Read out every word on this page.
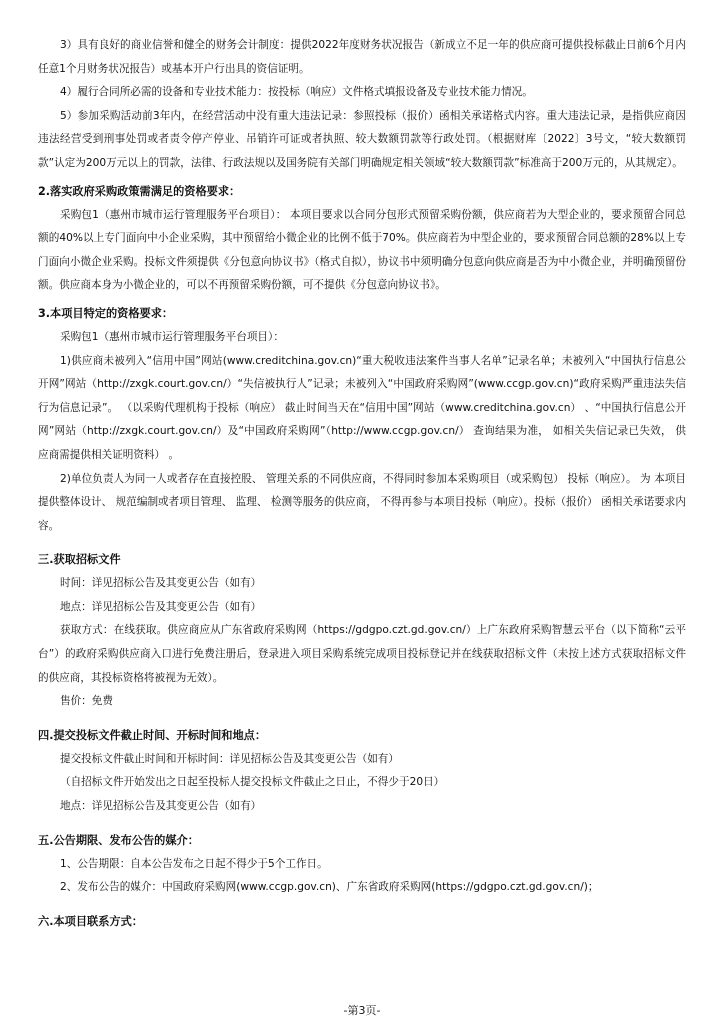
3）具有良好的商业信誉和健全的财务会计制度：提供2022年度财务状况报告（新成立不足一年的供应商可提供投标截止日前6个月内任意1个月财务状况报告）或基本开户行出具的资信证明。

4）履行合同所必需的设备和专业技术能力：按投标（响应）文件格式填报设备及专业技术能力情况。

5）参加采购活动前3年内，在经营活动中没有重大违法记录：参照投标（报价）函相关承诺格式内容。重大违法记录，是指供应商因违法经营受到刑事处罚或者责令停产停业、吊销许可证或者执照、较大数额罚款等行政处罚。（根据财库〔2022〕3号文，“较大数额罚款”认定为200万元以上的罚款，法律、行政法规以及国务院有关部门明确规定相关领域“较大数额罚款”标准高于200万元的，从其规定）。

2.落实政府采购政策需满足的资格要求：

采购包1（惠州市城市运行管理服务平台项目）： 本项目要求以合同分包形式预留采购份额，供应商若为大型企业的，要求预留合同总额的40%以上专门面向中小企业采购，其中预留给小微企业的比例不低于70%。供应商若为中型企业的，要求预留合同总额的28%以上专门面向小微企业采购。投标文件须提供《分包意向协议书》（格式自拟），协议书中须明确分包意向供应商是否为中小微企业，并明确预留份额。供应商本身为小微企业的，可以不再预留采购份额，可不提供《分包意向协议书》。

3.本项目特定的资格要求：

采购包1（惠州市城市运行管理服务平台项目）：

1)供应商未被列入“信用中国”网站(www.creditchina.gov.cn)“重大税收违法案件当事人名单”记录名单；未被列入“中国执行信息公开网”网站（http://zxgk.court.gov.cn/）“失信被执行人”记录；未被列入“中国政府采购网”(www.ccgp.gov.cn)“政府采购严重违法失信行为信息记录”。 （以采购代理机构于投标（响应） 截止时间当天在“信用中国”网站（www.creditchina.gov.cn） 、“中国执行信息公开网”网站（http://zxgk.court.gov.cn/）及“中国政府采购网”（http://www.ccgp.gov.cn/） 查询结果为准， 如相关失信记录已失效， 供应商需提供相关证明资料） 。

2)单位负责人为同一人或者存在直接控股、 管理关系的不同供应商，不得同时参加本采购项目（或采购包） 投标（响应）。 为 本项目提供整体设计、 规范编制或者项目管理、 监理、 检测等服务的供应商， 不得再参与本项目投标（响应）。投标（报价） 函相关承诺要求内容。

三.获取招标文件

时间：详见招标公告及其变更公告（如有）

地点：详见招标公告及其变更公告（如有）

获取方式：在线获取。供应商应从广东省政府采购网（https://gdgpo.czt.gd.gov.cn/）上广东政府采购智慧云平台（以下简称“云平台”）的政府采购供应商入口进行免费注册后，登录进入项目采购系统完成项目投标登记并在线获取招标文件（未按上述方式获取招标文件的供应商，其投标资格将被视为无效）。

售价：免费

四.提交投标文件截止时间、开标时间和地点：

提交投标文件截止时间和开标时间：详见招标公告及其变更公告（如有）

（自招标文件开始发出之日起至投标人提交投标文件截止之日止，不得少于20日）

地点：详见招标公告及其变更公告（如有）

五.公告期限、发布公告的媒介：

1、公告期限：自本公告发布之日起不得少于5个工作日。

2、发布公告的媒介：中国政府采购网(www.ccgp.gov.cn)、广东省政府采购网(https://gdgpo.czt.gd.gov.cn/)；

六.本项目联系方式：
-第3页-
